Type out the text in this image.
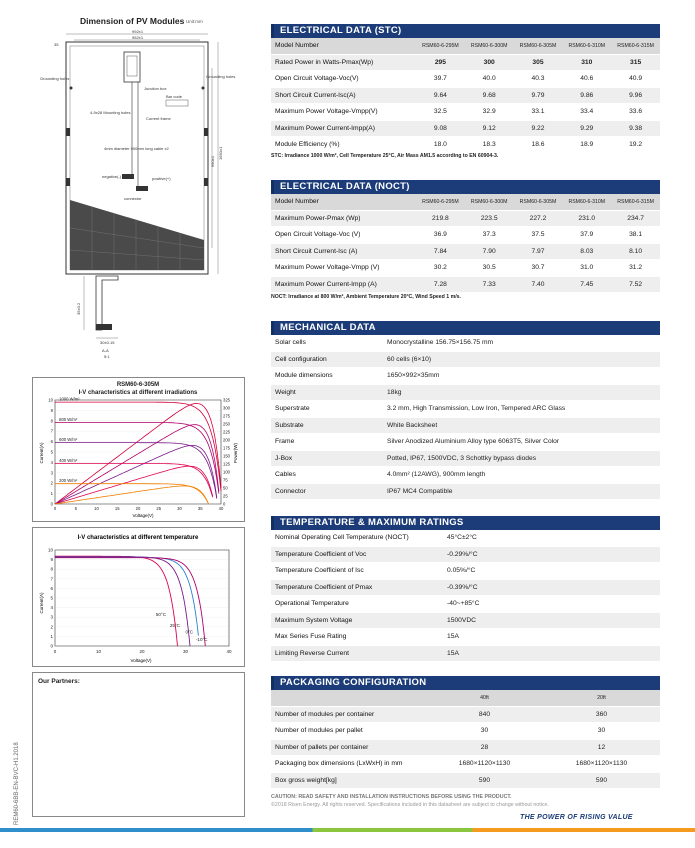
Dimension of PV Modules Unit:mm
992±1
952±1
35
1650±1
990±1
Grounding holes	Grounding holes
Junction box
Bar code
4-9x28 Mounting holes
Current frame
4mm diameter 900mm long cable x2
negative(-)	positive(+)
connector
35±0.2
30±0.15
A-A
5:1
RSM60-6-305M
I-V characteristics at different irradiations
0
1
2
3
4
5
6
7
8
9
10
0
25
50
75
100
125
150
175
200
225
250
275
300
325
0	5	10	15	20	25	30	35	40
1000 W/m²
800 W/m²
600 W/m²
400 W/m²
200 W/m²
Current(A)	Power(W)
Voltage(V)
I-V characteristics at different temperature
0
1
2
3
4
5
6
7
8
9
10
0	10	20	30	40
50°C
25°C
0°C
-10°C
Current(A)
Voltage(V)
Our Partners:
REM60-6BB-EN-BVC-H1.2018
ELECTRICAL DATA (STC)
Model Number	RSM60-6-295M	RSM60-6-300M	RSM60-6-305M	RSM60-6-310M	RSM60-6-315M
Rated Power in Watts-Pmax(Wp)	295	300	305	310	315
Open Circuit Voltage-Voc(V)	39.7	40.0	40.3	40.6	40.9
Short Circuit Current-Isc(A)	9.64	9.68	9.79	9.86	9.96
Maximum Power Voltage-Vmpp(V)	32.5	32.9	33.1	33.4	33.6
Maximum Power Current-Impp(A)	9.08	9.12	9.22	9.29	9.38
Module Efficiency (%)	18.0	18.3	18.6	18.9	19.2
STC: Irradiance 1000 W/m², Cell Temperature 25°C, Air Mass AM1.5 according to EN 60904-3.
ELECTRICAL DATA (NOCT)
Model Number	RSM60-6-295M	RSM60-6-300M	RSM60-6-305M	RSM60-6-310M	RSM60-6-315M
Maximum Power-Pmax (Wp)	219.8	223.5	227.2	231.0	234.7
Open Circuit Voltage-Voc (V)	36.9	37.3	37.5	37.9	38.1
Short Circuit Current-Isc (A)	7.84	7.90	7.97	8.03	8.10
Maximum Power Voltage-Vmpp (V)	30.2	30.5	30.7	31.0	31.2
Maximum Power Current-Impp (A)	7.28	7.33	7.40	7.45	7.52
NOCT: Irradiance at 800 W/m², Ambient Temperature 20°C, Wind Speed 1 m/s.
MECHANICAL DATA
Solar cells	Monocrystalline 156.75×156.75 mm
Cell configuration	60 cells (6×10)
Module dimensions	1650×992×35mm
Weight	18kg
Superstrate	3.2 mm, High Transmission, Low Iron, Tempered ARC Glass
Substrate	White Backsheet
Frame	Silver Anodized Aluminium Alloy type 6063T5, Silver Color
J-Box	Potted, IP67, 1500VDC, 3 Schottky bypass diodes
Cables	4.0mm² (12AWG), 900mm length
Connector	IP67 MC4 Compatible
TEMPERATURE & MAXIMUM RATINGS
Nominal Operating Cell Temperature (NOCT)	45°C±2°C
Temperature Coefficient of Voc	-0.29%/°C
Temperature Coefficient of Isc	0.05%/°C
Temperature Coefficient of Pmax	-0.39%/°C
Operational Temperature	-40~+85°C
Maximum System Voltage	1500VDC
Max Series Fuse Rating	15A
Limiting Reverse Current	15A
PACKAGING CONFIGURATION
	40ft	20ft
Number of modules per container	840	360
Number of modules per pallet	30	30
Number of pallets per container	28	12
Packaging box dimensions (LxWxH) in mm	1680×1120×1130	1680×1120×1130
Box gross weight[kg]	590	590
CAUTION: READ SAFETY AND INSTALLATION INSTRUCTIONS BEFORE USING THE PRODUCT.
©2018 Risen Energy. All rights reserved. Specifications included in this datasheet are subject to change without notice.
THE POWER OF RISING VALUE
